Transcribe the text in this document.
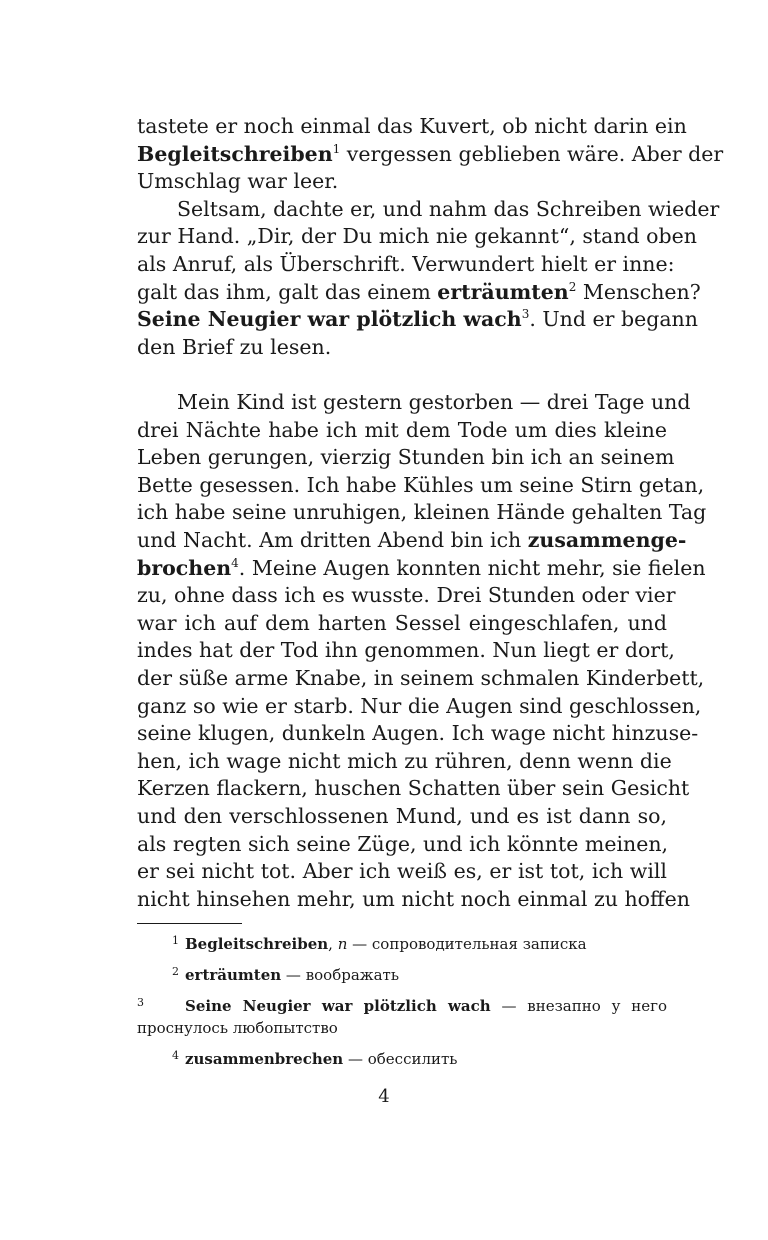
tastete er noch einmal das Kuvert, ob nicht darin ein
Begleitschreiben$^1$ vergessen geblieben wäre. Aber der
Umschlag war leer.
Seltsam, dachte er, und nahm das Schreiben wieder
zur Hand. „Dir, der Du mich nie gekannt“, stand oben
als Anruf, als Überschrift. Verwundert hielt er inne:
galt das ihm, galt das einem erträumten$^2$ Menschen?
Seine Neugier war plötzlich wach$^3$. Und er begann
den Brief zu lesen.
Mein Kind ist gestern gestorben — drei Tage und
drei Nächte habe ich mit dem Tode um dies kleine
Leben gerungen, vierzig Stunden bin ich an seinem
Bette gesessen. Ich habe Kühles um seine Stirn getan,
ich habe seine unruhigen, kleinen Hände gehalten Tag
und Nacht. Am dritten Abend bin ich zusammenge-
brochen$^4$. Meine Augen konnten nicht mehr, sie fielen
zu, ohne dass ich es wusste. Drei Stunden oder vier
war ich auf dem harten Sessel eingeschlafen, und
indes hat der Tod ihn genommen. Nun liegt er dort,
der süße arme Knabe, in seinem schmalen Kinderbett,
ganz so wie er starb. Nur die Augen sind geschlossen,
seine klugen, dunkeln Augen. Ich wage nicht hinzuse-
hen, ich wage nicht mich zu rühren, denn wenn die
Kerzen flackern, huschen Schatten über sein Gesicht
und den verschlossenen Mund, und es ist dann so,
als regten sich seine Züge, und ich könnte meinen,
er sei nicht tot. Aber ich weiß es, er ist tot, ich will
nicht hinsehen mehr, um nicht noch einmal zu hoffen
1 Begleitschreiben, n — сопроводительная записка
2 erträumten — воображать
3	Seine Neugier war plötzlich wach — внезапно у него
проснулось любопытство
4 zusammenbrechen — обессилить
4
